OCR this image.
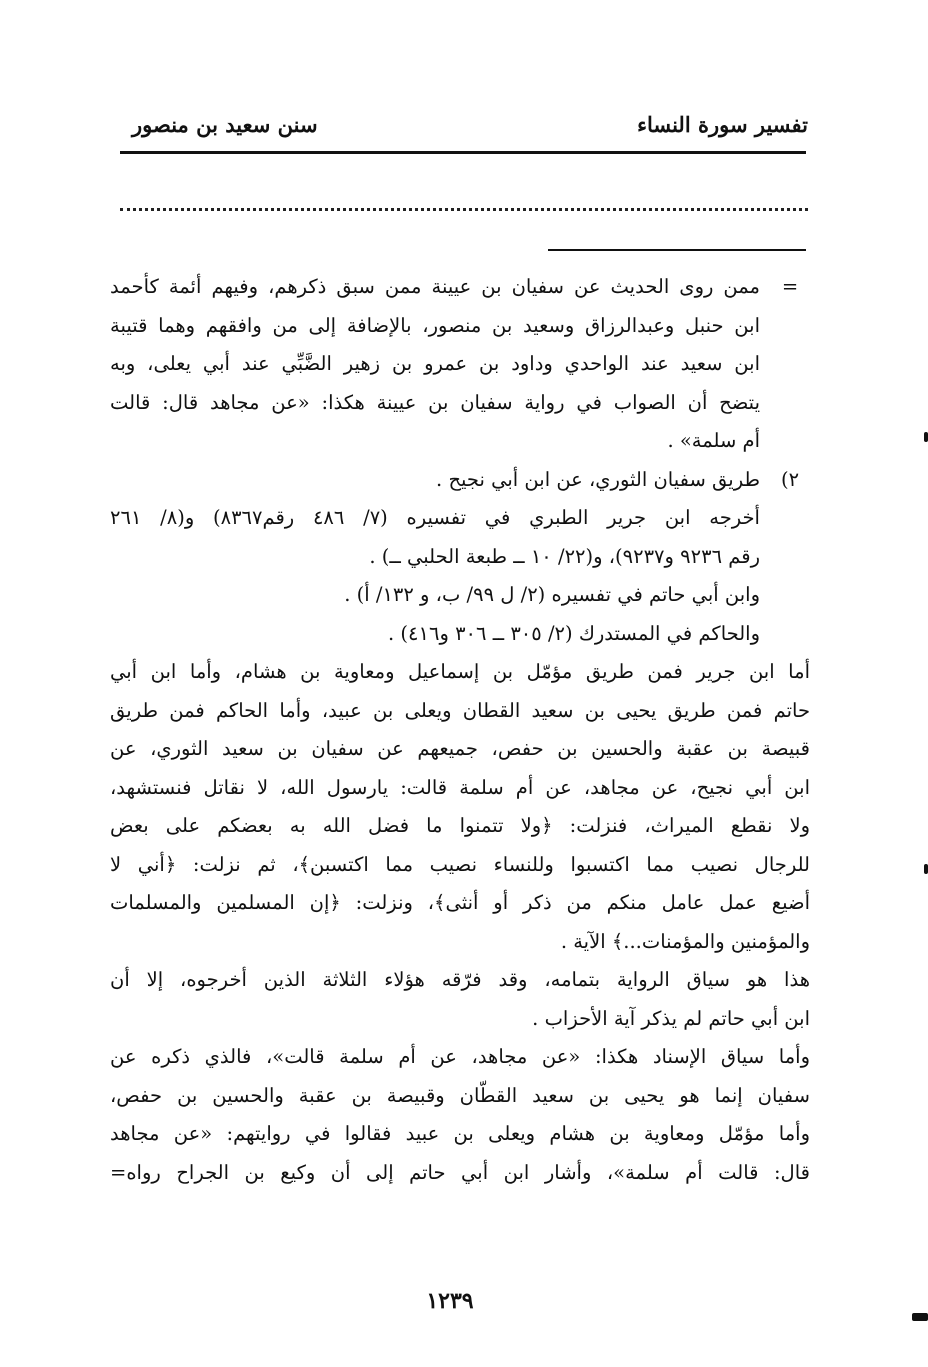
تفسير سورة النساء
سنن سعيد بن منصور
=
ممن روى الحديث عن سفيان بن عيينة ممن سبق ذكرهم، وفيهم أئمة كأحمد
ابن حنبل وعبدالرزاق وسعيد بن منصور، بالإضافة إلى من وافقهم وهما قتيبة
ابن سعيد عند الواحدي وداود بن عمرو بن زهير الضَّبِّي عند أبي يعلى، وبه
يتضح أن الصواب في رواية سفيان بن عيينة هكذا: «عن مجاهد قال: قالت
أم سلمة» .
٢)
طريق سفيان الثوري، عن ابن أبي نجيح .
أخرجه ابن جرير الطبري في تفسيره (٧/ ٤٨٦ رقم٨٣٦٧) و(٨/ ٢٦١
رقم ٩٢٣٦ و٩٢٣٧)، و(٢٢/ ١٠ ــ طبعة الحلبي ــ) .
وابن أبي حاتم في تفسيره (٢/ ل ٩٩/ ب، و ١٣٢/ أ) .
والحاكم في المستدرك (٢/ ٣٠٥ ــ ٣٠٦ و٤١٦) .
أما ابن جرير فمن طريق مؤمّل بن إسماعيل ومعاوية بن هشام، وأما ابن أبي
حاتم فمن طريق يحيى بن سعيد القطان ويعلى بن عبيد، وأما الحاكم فمن طريق
قبيصة بن عقبة والحسين بن حفص، جميعهم عن سفيان بن سعيد الثوري، عن
ابن أبي نجيح، عن مجاهد، عن أم سلمة قالت: يارسول الله، لا نقاتل فنستشهد،
ولا نقطع الميراث، فنزلت: ﴿ولا تتمنوا ما فضل الله به بعضكم على بعض
للرجال نصيب مما اكتسبوا وللنساء نصيب مما اكتسبن﴾، ثم نزلت: ﴿أني لا
أضيع عمل عامل منكم من ذكر أو أنثى﴾، ونزلت: ﴿إن المسلمين والمسلمات
والمؤمنين والمؤمنات...﴾ الآية .
هذا هو سياق الرواية بتمامه، وقد فرّقه هؤلاء الثلاثة الذين أخرجوه، إلا أن
ابن أبي حاتم لم يذكر آية الأحزاب .
وأما سياق الإسناد هكذا: «عن مجاهد، عن أم سلمة قالت»، فالذي ذكره عن
سفيان إنما هو يحيى بن سعيد القطّان وقبيصة بن عقبة والحسين بن حفص،
وأما مؤمّل ومعاوية بن هشام ويعلى بن عبيد فقالوا في روايتهم: «عن مجاهد
قال: قالت أم سلمة»، وأشار ابن أبي حاتم إلى أن وكيع بن الجراح رواه=
١٢٣٩
